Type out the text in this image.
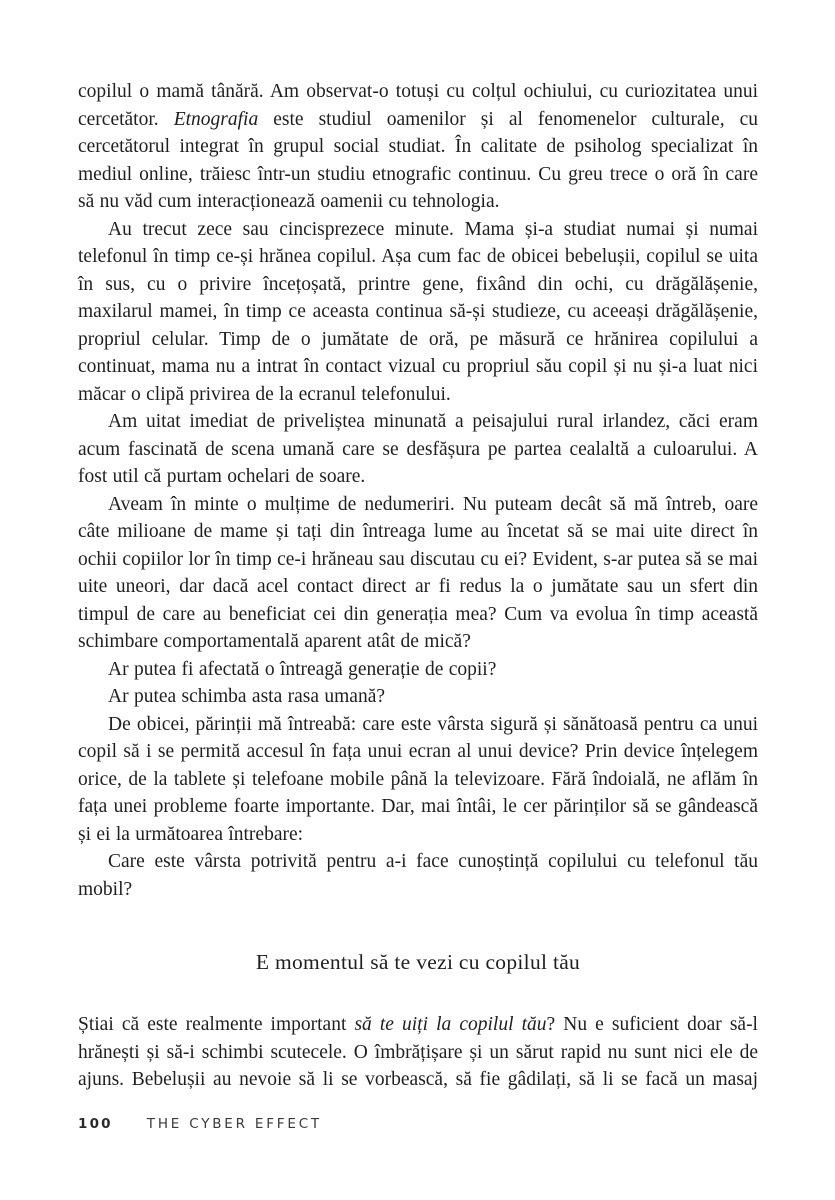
copilul o mamă tânără. Am observat-o totuși cu colțul ochiului, cu curiozitatea unui cercetător. Etnografia este studiul oamenilor și al fenomenelor culturale, cu cercetătorul integrat în grupul social studiat. În calitate de psiholog specializat în mediul online, trăiesc într-un studiu etnografic continuu. Cu greu trece o oră în care să nu văd cum interacționează oamenii cu tehnologia.

Au trecut zece sau cincisprezece minute. Mama și-a studiat numai și numai telefonul în timp ce-și hrănea copilul. Așa cum fac de obicei bebelușii, copilul se uita în sus, cu o privire încețoșată, printre gene, fixând din ochi, cu drăgălășenie, maxilarul mamei, în timp ce aceasta continua să-și studieze, cu aceeași drăgălășenie, propriul celular. Timp de o jumătate de oră, pe măsură ce hrănirea copilului a continuat, mama nu a intrat în contact vizual cu propriul său copil și nu și-a luat nici măcar o clipă privirea de la ecranul telefonului.

Am uitat imediat de priveliștea minunată a peisajului rural irlandez, căci eram acum fascinată de scena umană care se desfășura pe partea cealaltă a culoarului. A fost util că purtam ochelari de soare.

Aveam în minte o mulțime de nedumeriri. Nu puteam decât să mă întreb, oare câte milioane de mame și tați din întreaga lume au încetat să se mai uite direct în ochii copiilor lor în timp ce-i hrăneau sau discutau cu ei? Evident, s-ar putea să se mai uite uneori, dar dacă acel contact direct ar fi redus la o jumătate sau un sfert din timpul de care au beneficiat cei din generația mea? Cum va evolua în timp această schimbare comportamentală aparent atât de mică?

Ar putea fi afectată o întreagă generație de copii?

Ar putea schimba asta rasa umană?

De obicei, părinții mă întreabă: care este vârsta sigură și sănătoasă pentru ca unui copil să i se permită accesul în fața unui ecran al unui device? Prin device înțelegem orice, de la tablete și telefoane mobile până la televizoare. Fără îndoială, ne aflăm în fața unei probleme foarte importante. Dar, mai întâi, le cer părinților să se gândească și ei la următoarea întrebare:

Care este vârsta potrivită pentru a-i face cunoștință copilului cu telefonul tău mobil?

E momentul să te vezi cu copilul tău

Știai că este realmente important să te uiți la copilul tău? Nu e suficient doar să-l hrănești și să-i schimbi scutecele. O îmbrățișare și un sărut rapid nu sunt nici ele de ajuns. Bebelușii au nevoie să li se vorbească, să fie gâdilați, să li se facă un masaj

100	THE CYBER EFFECT
